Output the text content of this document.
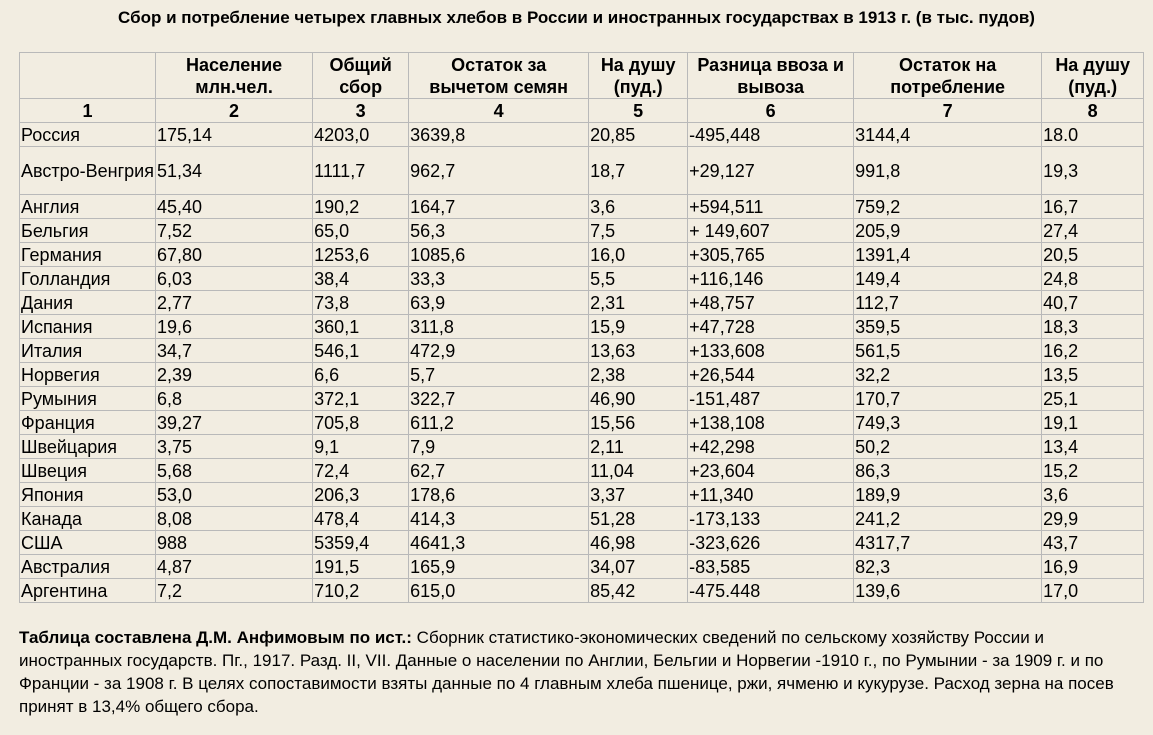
Сбор и потребление четырех главных хлебов в России и иностранных государствах в 1913 г. (в тыс. пудов)
	Население млн.чел.	Общий сбор	Остаток за вычетом семян	На душу (пуд.)	Разница ввоза и вывоза	Остаток на потребление	На душу (пуд.)
1	2	3	4	5	6	7	8
Россия	175,14	4203,0	3639,8	20,85	-495,448	3144,4	18.0
Австро-Венгрия	51,34	1111,7	962,7	18,7	+29,127	991,8	19,3
Англия	45,40	190,2	164,7	3,6	+594,511	759,2	16,7
Бельгия	7,52	65,0	56,3	7,5	+ 149,607	205,9	27,4
Германия	67,80	1253,6	1085,6	16,0	+305,765	1391,4	20,5
Голландия	6,03	38,4	33,3	5,5	+116,146	149,4	24,8
Дания	2,77	73,8	63,9	2,31	+48,757	112,7	40,7
Испания	19,6	360,1	311,8	15,9	+47,728	359,5	18,3
Италия	34,7	546,1	472,9	13,63	+133,608	561,5	16,2
Норвегия	2,39	6,6	5,7	2,38	+26,544	32,2	13,5
Румыния	6,8	372,1	322,7	46,90	-151,487	170,7	25,1
Франция	39,27	705,8	611,2	15,56	+138,108	749,3	19,1
Швейцария	3,75	9,1	7,9	2,11	+42,298	50,2	13,4
Швеция	5,68	72,4	62,7	11,04	+23,604	86,3	15,2
Япония	53,0	206,3	178,6	3,37	+11,340	189,9	3,6
Канада	8,08	478,4	414,3	51,28	-173,133	241,2	29,9
США	988	5359,4	4641,3	46,98	-323,626	4317,7	43,7
Австралия	4,87	191,5	165,9	34,07	-83,585	82,3	16,9
Аргентина	7,2	710,2	615,0	85,42	-475.448	139,6	17,0
Таблица составлена Д.М. Анфимовым по ист.: Сборник статистико-экономических сведений по сельскому хозяйству России и иностранных государств. Пг., 1917. Разд. II, VII. Данные о населении по Англии, Бельгии и Норвегии -1910 г., по Румынии - за 1909 г. и по Франции - за 1908 г. В целях сопоставимости взяты данные по 4 главным хлеба пшенице, ржи, ячменю и кукурузе. Расход зерна на посев принят в 13,4% общего сбора.
